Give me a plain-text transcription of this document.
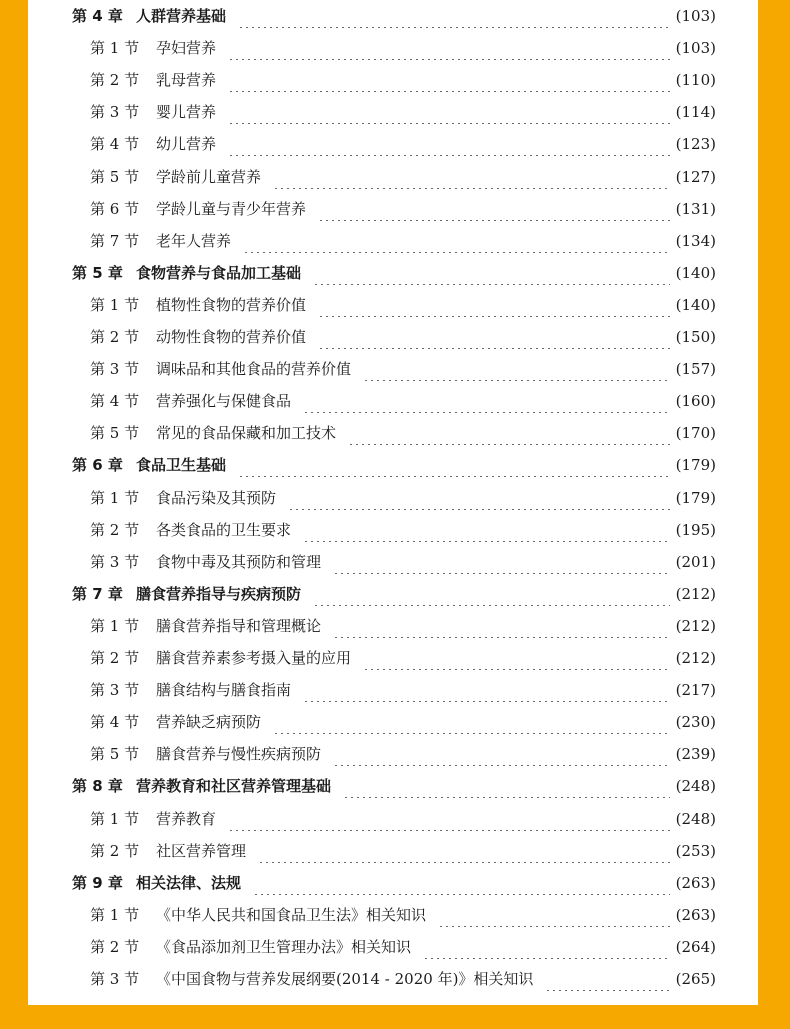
第 4 章 人群营养基础	(103)
第 1 节 孕妇营养	(103)
第 2 节 乳母营养	(110)
第 3 节 婴儿营养	(114)
第 4 节 幼儿营养	(123)
第 5 节 学龄前儿童营养	(127)
第 6 节 学龄儿童与青少年营养	(131)
第 7 节 老年人营养	(134)
第 5 章 食物营养与食品加工基础	(140)
第 1 节 植物性食物的营养价值	(140)
第 2 节 动物性食物的营养价值	(150)
第 3 节 调味品和其他食品的营养价值	(157)
第 4 节 营养强化与保健食品	(160)
第 5 节 常见的食品保藏和加工技术	(170)
第 6 章 食品卫生基础	(179)
第 1 节 食品污染及其预防	(179)
第 2 节 各类食品的卫生要求	(195)
第 3 节 食物中毒及其预防和管理	(201)
第 7 章 膳食营养指导与疾病预防	(212)
第 1 节 膳食营养指导和管理概论	(212)
第 2 节 膳食营养素参考摄入量的应用	(212)
第 3 节 膳食结构与膳食指南	(217)
第 4 节 营养缺乏病预防	(230)
第 5 节 膳食营养与慢性疾病预防	(239)
第 8 章 营养教育和社区营养管理基础	(248)
第 1 节 营养教育	(248)
第 2 节 社区营养管理	(253)
第 9 章 相关法律、法规	(263)
第 1 节 《中华人民共和国食品卫生法》相关知识	(263)
第 2 节 《食品添加剂卫生管理办法》相关知识	(264)
第 3 节 《中国食物与营养发展纲要(2014 - 2020 年)》相关知识	(265)
